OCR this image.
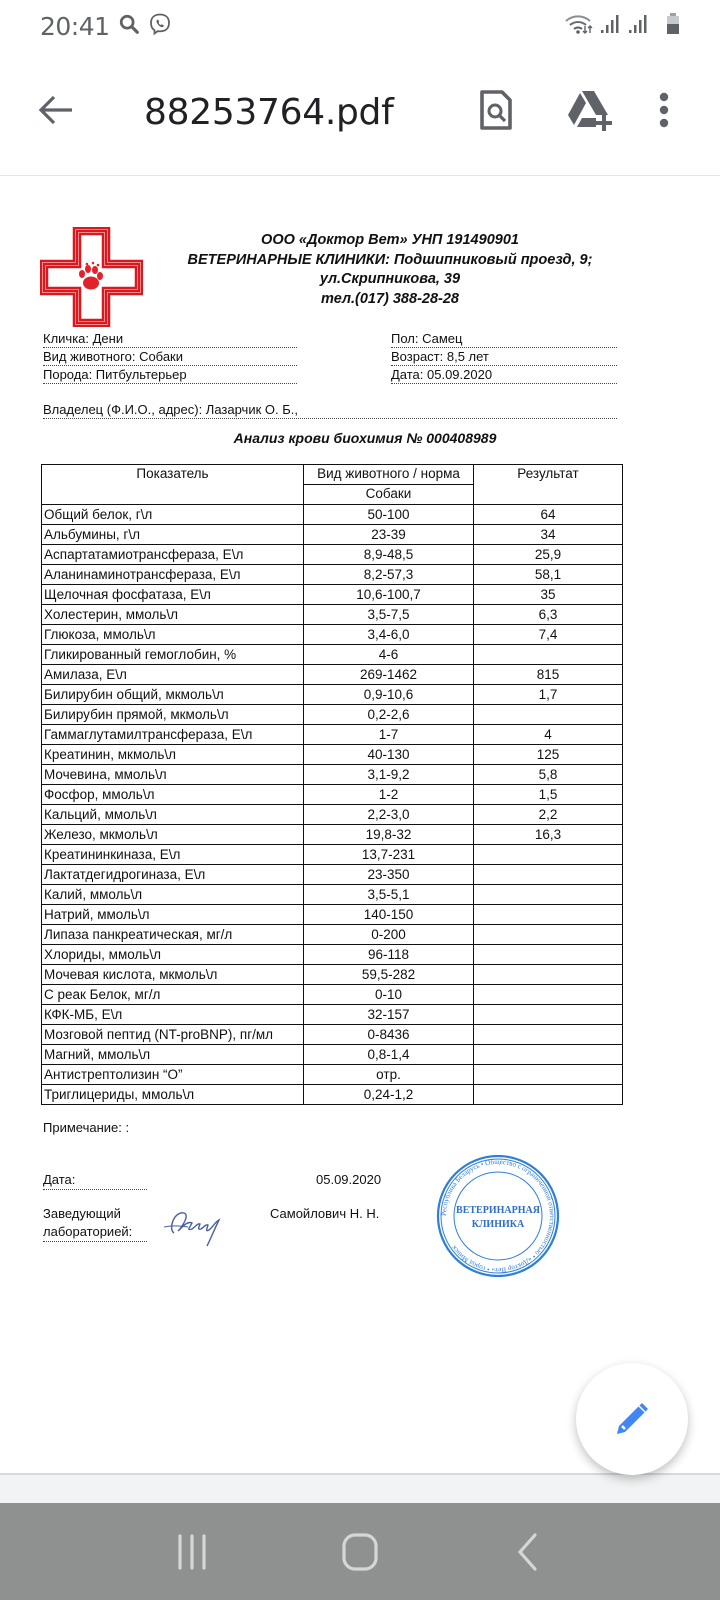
20:41
88253764.pdf
ООО «Доктор Вет» УНП 191490901
ВЕТЕРИНАРНЫЕ КЛИНИКИ: Подшипниковый проезд, 9;
ул.Скрипникова, 39
тел.(017) 388-28-28
Кличка: Дени
Вид животного: Собаки
Порода: Питбультерьер
Пол: Самец
Возраст: 8,5 лет
Дата: 05.09.2020
Владелец (Ф.И.О., адрес): Лазарчик О. Б.,
Анализ крови биохимия № 000408989
Показатель	Вид животного / норма	Результат
	Собаки	
Общий белок, г\л	50-100	64
Альбумины, г\л	23-39	34
Аспартатамиотрансфераза, Е\л	8,9-48,5	25,9
Аланинаминотрансфераза, Е\л	8,2-57,3	58,1
Щелочная фосфатаза, Е\л	10,6-100,7	35
Холестерин, ммоль\л	3,5-7,5	6,3
Глюкоза, ммоль\л	3,4-6,0	7,4
Гликированный гемоглобин, %	4-6	
Амилаза, Е\л	269-1462	815
Билирубин общий, мкмоль\л	0,9-10,6	1,7
Билирубин прямой, мкмоль\л	0,2-2,6	
Гаммаглутамилтрансфераза, Е\л	1-7	4
Креатинин, мкмоль\л	40-130	125
Мочевина, ммоль\л	3,1-9,2	5,8
Фосфор, ммоль\л	1-2	1,5
Кальций, ммоль\л	2,2-3,0	2,2
Железо, мкмоль\л	19,8-32	16,3
Креатининкиназа, Е\л	13,7-231	
Лактатдегидрогиназа, Е\л	23-350	
Калий, ммоль\л	3,5-5,1	
Натрий, ммоль\л	140-150	
Липаза панкреатическая, мг/л	0-200	
Хлориды, ммоль\л	96-118	
Мочевая кислота, мкмоль\л	59,5-282	
С реак Белок, мг/л	0-10	
КФК-МБ, Е\л	32-157	
Мозговой пептид (NT-proBNP), пг/мл	0-8436	
Магний, ммоль\л	0,8-1,4	
Антистрептолизин “О”	отр.	
Триглицериды, ммоль\л	0,24-1,2	
Примечание: :
Дата:	05.09.2020
Заведующий
лабораторией:
Самойлович Н. Н.	Республика Беларусь • Общество с ограниченной ответственностью • «Доктор Вет» • город Минск
ВЕТЕРИНАРНАЯ
КЛИНИКА
